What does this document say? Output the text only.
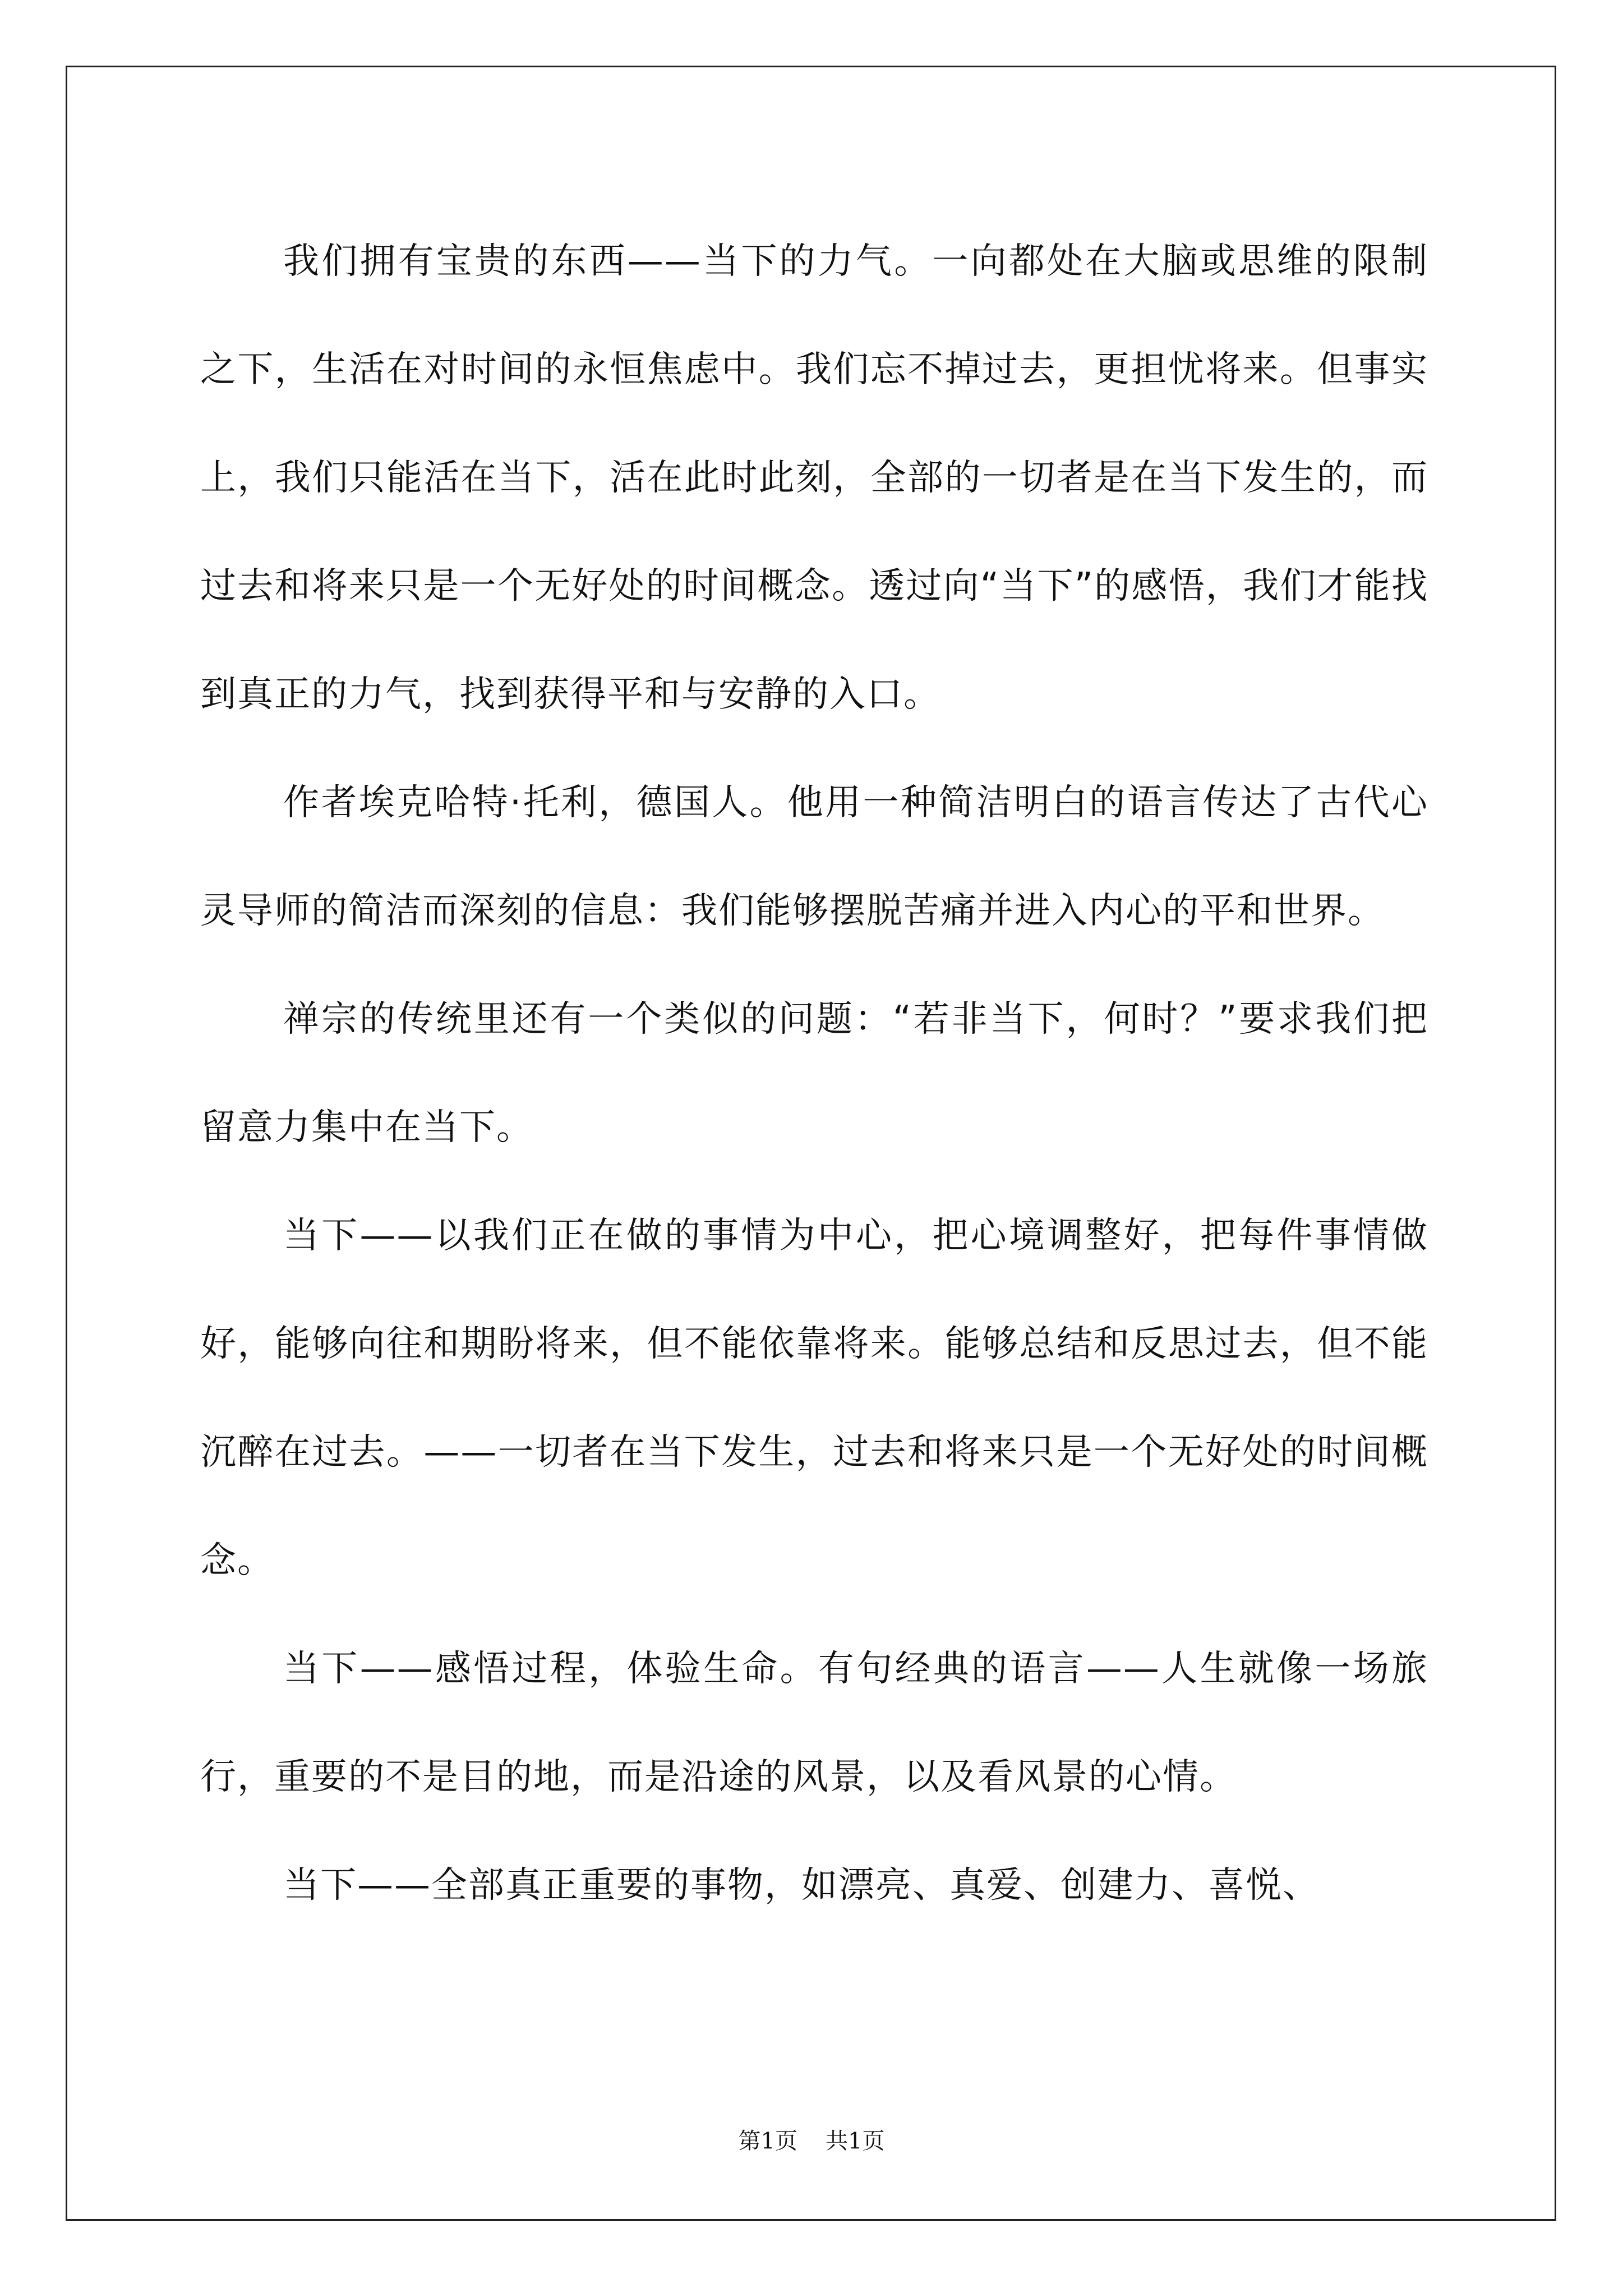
我们拥有宝贵的东西——当下的力气。一向都处在大脑或思维的限制之下，生活在对时间的永恒焦虑中。我们忘不掉过去，更担忧将来。但事实上，我们只能活在当下，活在此时此刻，全部的一切者是在当下发生的，而过去和将来只是一个无好处的时间概念。透过向“当下”的感悟，我们才能找到真正的力气，找到获得平和与安静的入口。

作者埃克哈特·托利，德国人。他用一种简洁明白的语言传达了古代心灵导师的简洁而深刻的信息：我们能够摆脱苦痛并进入内心的平和世界。

禅宗的传统里还有一个类似的问题：“若非当下，何时？”要求我们把留意力集中在当下。

当下——以我们正在做的事情为中心，把心境调整好，把每件事情做好，能够向往和期盼将来，但不能依靠将来。能够总结和反思过去，但不能沉醉在过去。——一切者在当下发生，过去和将来只是一个无好处的时间概念。

当下——感悟过程，体验生命。有句经典的语言——人生就像一场旅行，重要的不是目的地，而是沿途的风景，以及看风景的心情。

当下——全部真正重要的事物，如漂亮、真爱、创建力、喜悦、

第1页 共1页
